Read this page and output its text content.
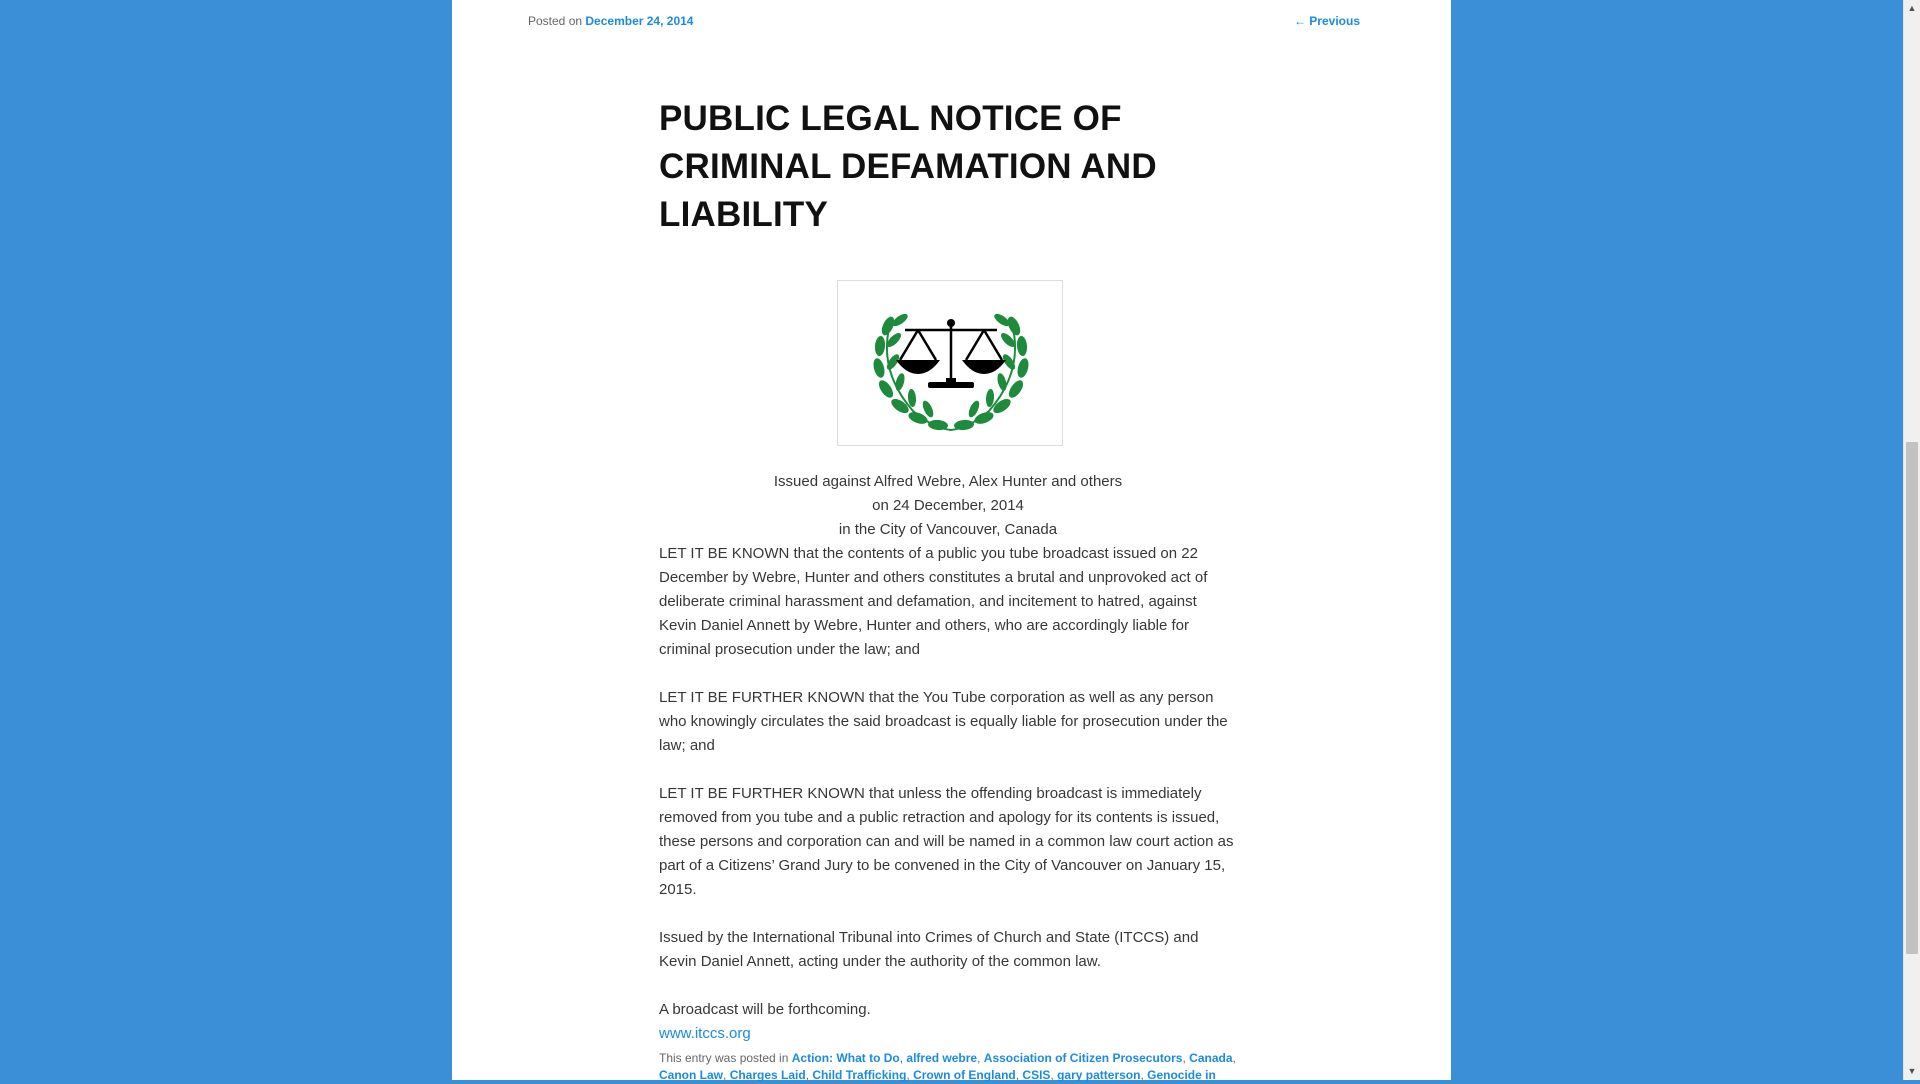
Posted on December 24, 2014	← Previous
PUBLIC LEGAL NOTICE OF CRIMINAL DEFAMATION AND LIABILITY
Issued against Alfred Webre, Alex Hunter and others
on 24 December, 2014
in the City of Vancouver, Canada

LET IT BE KNOWN that the contents of a public you tube broadcast issued on 22 December by Webre, Hunter and others constitutes a brutal and unprovoked act of deliberate criminal harassment and defamation, and incitement to hatred, against Kevin Daniel Annett by Webre, Hunter and others, who are accordingly liable for criminal prosecution under the law; and

LET IT BE FURTHER KNOWN that the You Tube corporation as well as any person who knowingly circulates the said broadcast is equally liable for prosecution under the law; and

LET IT BE FURTHER KNOWN that unless the offending broadcast is immediately removed from you tube and a public retraction and apology for its contents is issued, these persons and corporation can and will be named in a common law court action as part of a Citizens’ Grand Jury to be convened in the City of Vancouver on January 15, 2015.

Issued by the International Tribunal into Crimes of Church and State (ITCCS) and Kevin Daniel Annett, acting under the authority of the common law.

A broadcast will be forthcoming.

www.itccs.org

This entry was posted in Action: What to Do, alfred webre, Association of Citizen Prosecutors, Canada, Canon Law, Charges Laid, Child Trafficking, Crown of England, CSIS, gary patterson, Genocide in
▲
▼
